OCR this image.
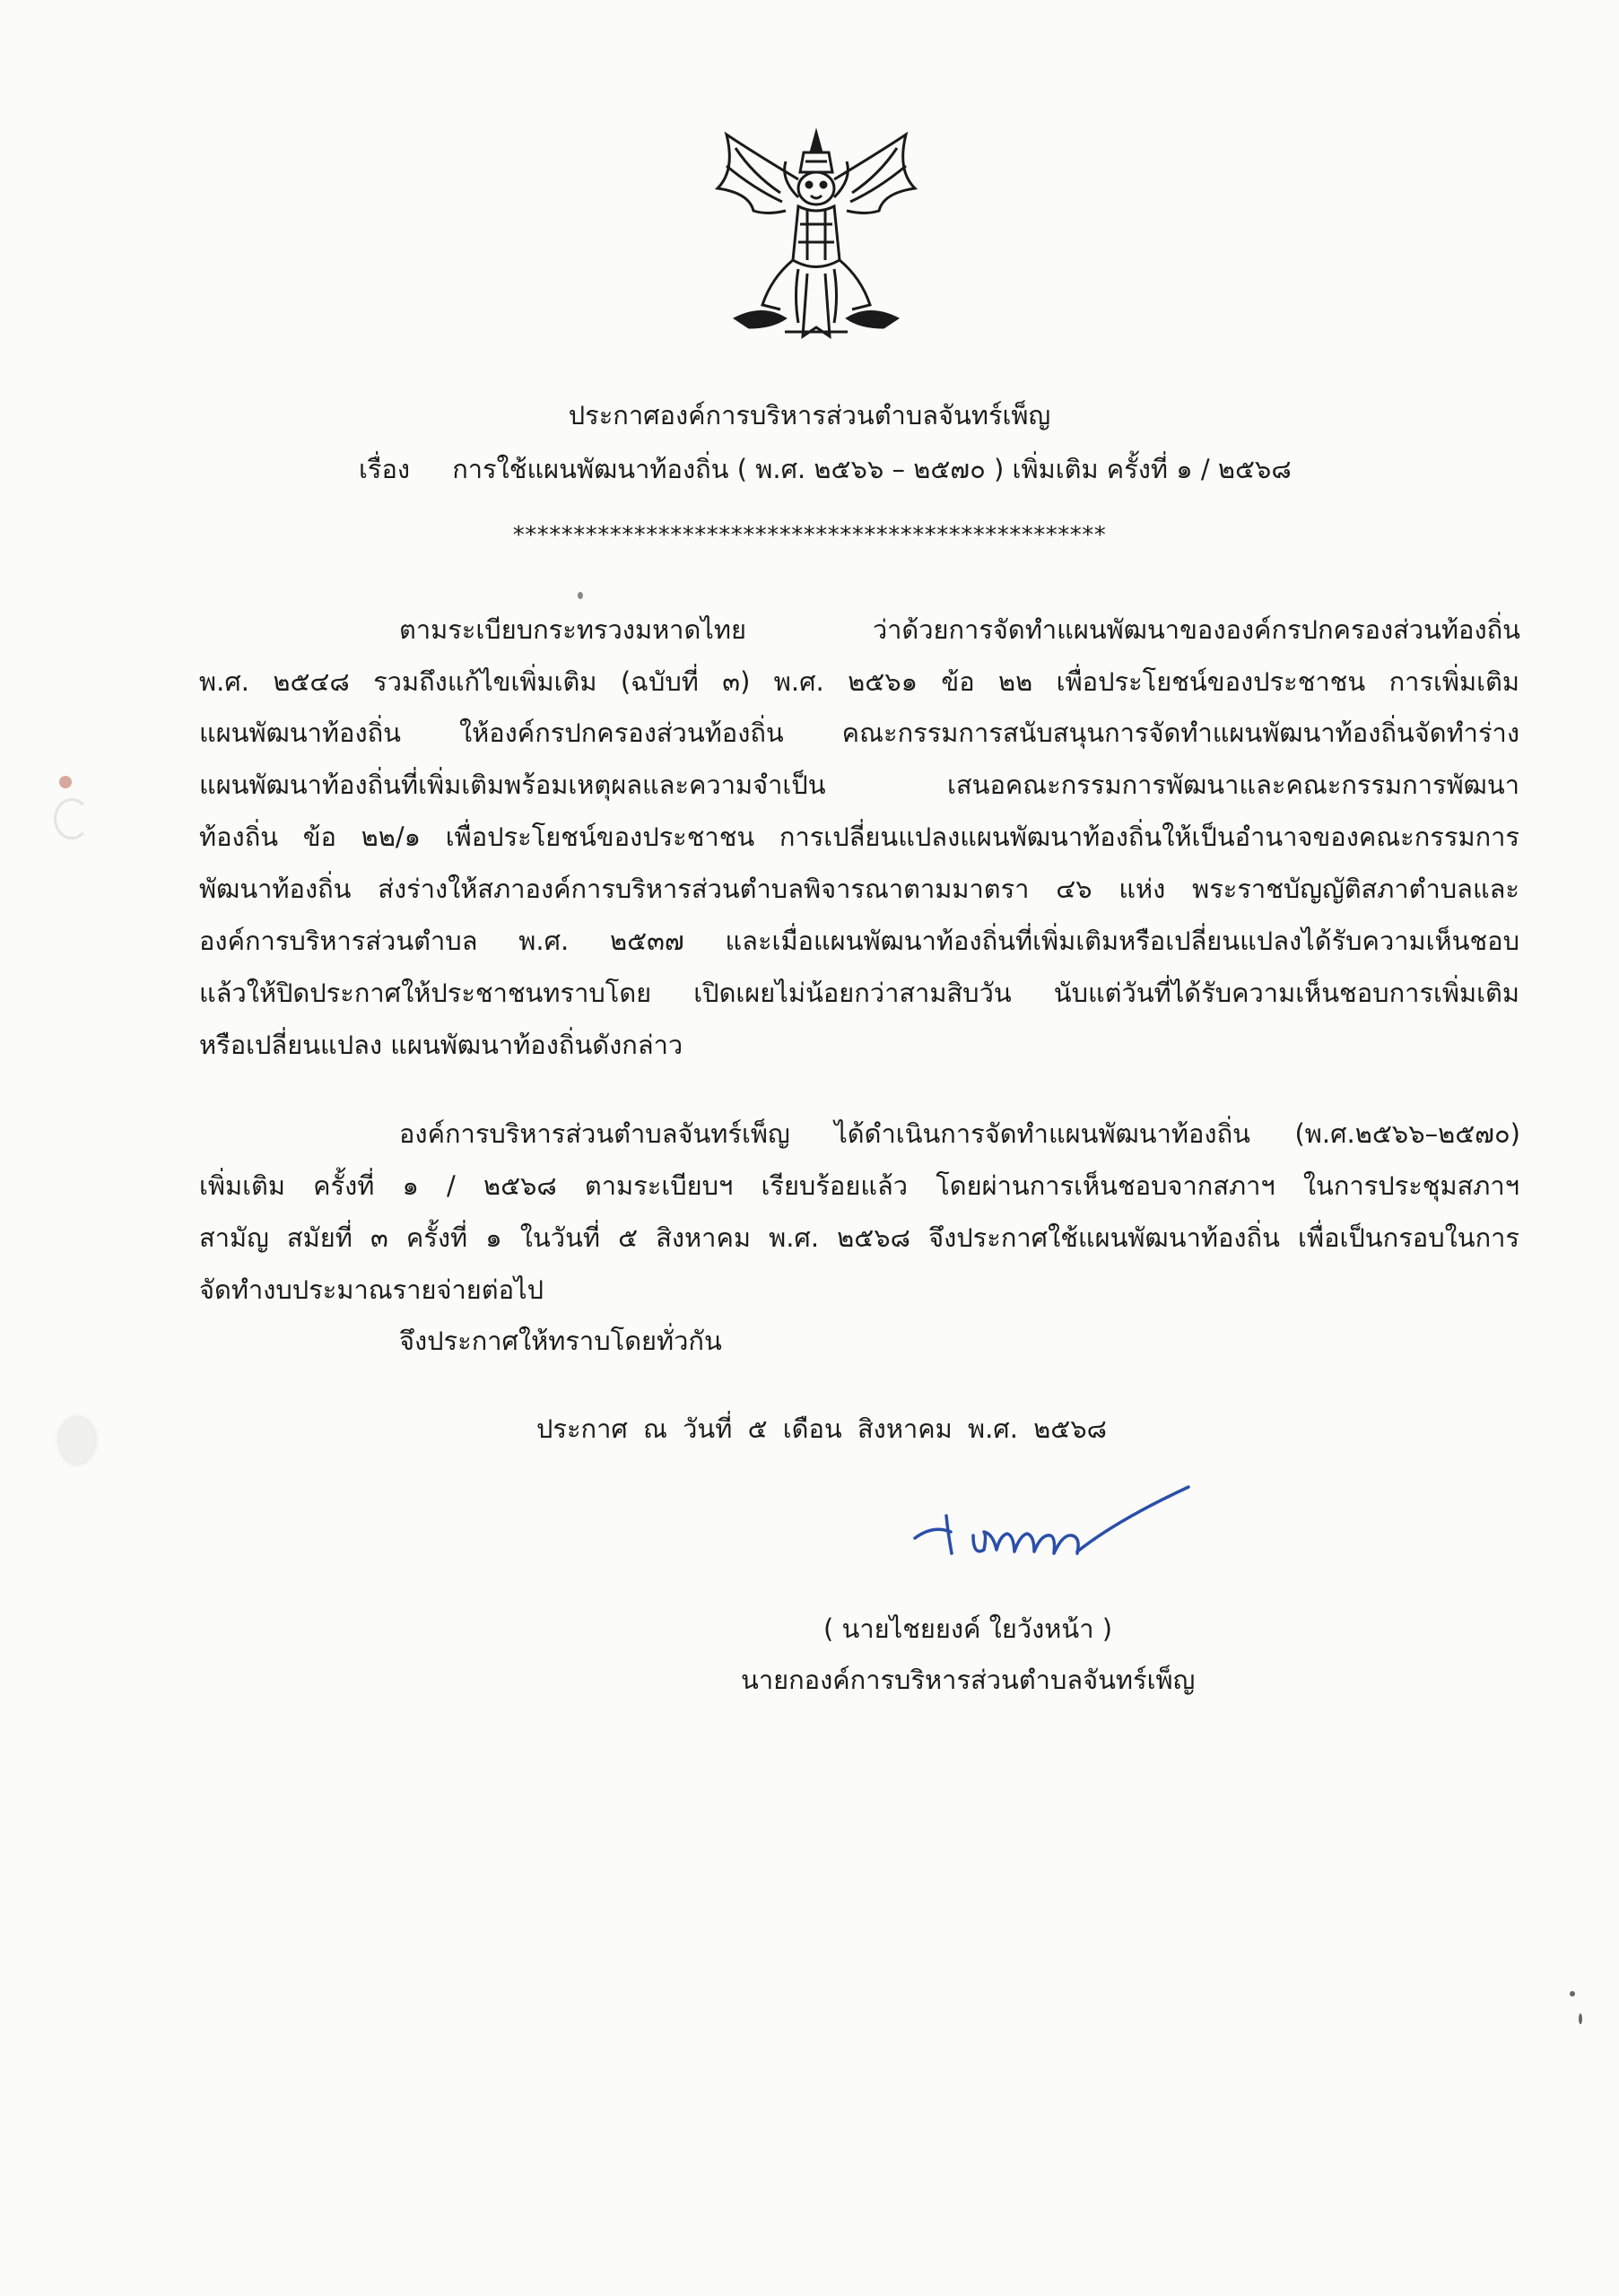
ประกาศองค์การบริหารส่วนตำบลจันทร์เพ็ญ
เรื่อง การใช้แผนพัฒนาท้องถิ่น ( พ.ศ. ๒๕๖๖ – ๒๕๗๐ ) เพิ่มเติม ครั้งที่ ๑ / ๒๕๖๘
*************************************************
ตามระเบียบกระทรวงมหาดไทย ว่าด้วยการจัดทำแผนพัฒนาขององค์กรปกครองส่วนท้องถิ่น
พ.ศ. ๒๕๔๘ รวมถึงแก้ไขเพิ่มเติม (ฉบับที่ ๓) พ.ศ. ๒๕๖๑ ข้อ ๒๒ เพื่อประโยชน์ของประชาชน การเพิ่มเติม
แผนพัฒนาท้องถิ่น ให้องค์กรปกครองส่วนท้องถิ่น คณะกรรมการสนับสนุนการจัดทำแผนพัฒนาท้องถิ่นจัดทำร่าง
แผนพัฒนาท้องถิ่นที่เพิ่มเติมพร้อมเหตุผลและความจำเป็น เสนอคณะกรรมการพัฒนาและคณะกรรมการพัฒนา
ท้องถิ่น ข้อ ๒๒/๑ เพื่อประโยชน์ของประชาชน การเปลี่ยนแปลงแผนพัฒนาท้องถิ่นให้เป็นอำนาจของคณะกรรมการ
พัฒนาท้องถิ่น ส่งร่างให้สภาองค์การบริหารส่วนตำบลพิจารณาตามมาตรา ๔๖ แห่ง พระราชบัญญัติสภาตำบลและ
องค์การบริหารส่วนตำบล พ.ศ. ๒๕๓๗ และเมื่อแผนพัฒนาท้องถิ่นที่เพิ่มเติมหรือเปลี่ยนแปลงได้รับความเห็นชอบ
แล้วให้ปิดประกาศให้ประชาชนทราบโดย เปิดเผยไม่น้อยกว่าสามสิบวัน นับแต่วันที่ได้รับความเห็นชอบการเพิ่มเติม
หรือเปลี่ยนแปลง แผนพัฒนาท้องถิ่นดังกล่าว
องค์การบริหารส่วนตำบลจันทร์เพ็ญ ได้ดำเนินการจัดทำแผนพัฒนาท้องถิ่น (พ.ศ.๒๕๖๖–๒๕๗๐)
เพิ่มเติม ครั้งที่ ๑ / ๒๕๖๘ ตามระเบียบฯ เรียบร้อยแล้ว โดยผ่านการเห็นชอบจากสภาฯ ในการประชุมสภาฯ
สามัญ สมัยที่ ๓ ครั้งที่ ๑ ในวันที่ ๕ สิงหาคม พ.ศ. ๒๕๖๘ จึงประกาศใช้แผนพัฒนาท้องถิ่น เพื่อเป็นกรอบในการ
จัดทำงบประมาณรายจ่ายต่อไป
จึงประกาศให้ทราบโดยทั่วกัน
ประกาศ ณ วันที่ ๕ เดือน สิงหาคม พ.ศ. ๒๕๖๘
( นายไชยยงค์ ใยวังหน้า )
นายกองค์การบริหารส่วนตำบลจันทร์เพ็ญ
